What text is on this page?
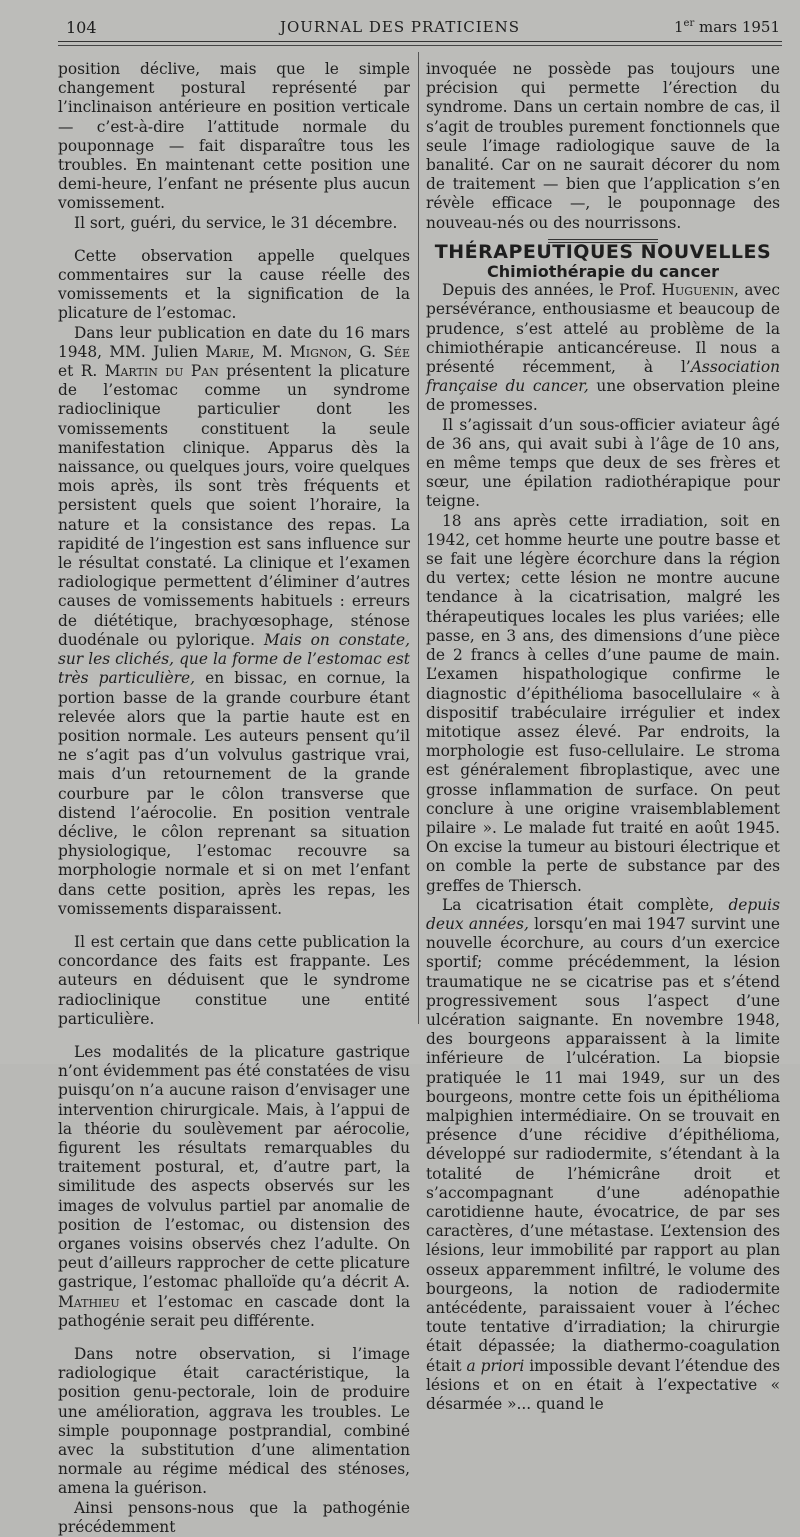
104	JOURNAL DES PRATICIENS	1er mars 1951

position déclive, mais que le simple changement postural représenté par l’inclinaison antérieure en position verticale — c’est-à-dire l’attitude normale du pouponnage — fait disparaître tous les troubles. En maintenant cette position une demi-heure, l’enfant ne présente plus aucun vomissement.

Il sort, guéri, du service, le 31 décembre.

Cette observation appelle quelques commentaires sur la cause réelle des vomissements et la signification de la plicature de l’estomac.

Dans leur publication en date du 16 mars 1948, MM. Julien Marie, M. Mignon, G. Sée et R. Martin du Pan présentent la plicature de l’estomac comme un syndrome radioclinique particulier dont les vomissements constituent la seule manifestation clinique. Apparus dès la naissance, ou quelques jours, voire quelques mois après, ils sont très fréquents et persistent quels que soient l’horaire, la nature et la consistance des repas. La rapidité de l’ingestion est sans influence sur le résultat constaté. La clinique et l’examen radiologique permettent d’éliminer d’autres causes de vomissements habituels : erreurs de diététique, brachyœsophage, sténose duodénale ou pylorique. Mais on constate, sur les clichés, que la forme de l’estomac est très particulière, en bissac, en cornue, la portion basse de la grande courbure étant relevée alors que la partie haute est en position normale. Les auteurs pensent qu’il ne s’agit pas d’un volvulus gastrique vrai, mais d’un retournement de la grande courbure par le côlon transverse que distend l’aérocolie. En position ventrale déclive, le côlon reprenant sa situation physiologique, l’estomac recouvre sa morphologie normale et si on met l’enfant dans cette position, après les repas, les vomissements disparaissent.

Il est certain que dans cette publication la concordance des faits est frappante. Les auteurs en déduisent que le syndrome radioclinique constitue une entité particulière.

Les modalités de la plicature gastrique n’ont évidemment pas été constatées de visu puisqu’on n’a aucune raison d’envisager une intervention chirurgicale. Mais, à l’appui de la théorie du soulèvement par aérocolie, figurent les résultats remarquables du traitement postural, et, d’autre part, la similitude des aspects observés sur les images de volvulus partiel par anomalie de position de l’estomac, ou distension des organes voisins observés chez l’adulte. On peut d’ailleurs rapprocher de cette plicature gastrique, l’estomac phalloïde qu’a décrit A. Mathieu et l’estomac en cascade dont la pathogénie serait peu différente.

Dans notre observation, si l’image radiologique était caractéristique, la position genu-pectorale, loin de produire une amélioration, aggrava les troubles. Le simple pouponnage postprandial, combiné avec la substitution d’une alimentation normale au régime médical des sténoses, amena la guérison.

Ainsi pensons-nous que la pathogénie précédemment

invoquée ne possède pas toujours une précision qui permette l’érection du syndrome. Dans un certain nombre de cas, il s’agit de troubles purement fonctionnels que seule l’image radiologique sauve de la banalité. Car on ne saurait décorer du nom de traitement — bien que l’application s’en révèle efficace —, le pouponnage des nouveau-nés ou des nourrissons.

THÉRAPEUTIQUES NOUVELLES

Chimiothérapie du cancer

Depuis des années, le Prof. Huguenin, avec persévérance, enthousiasme et beaucoup de prudence, s’est attelé au problème de la chimiothérapie anticancéreuse. Il nous a présenté récemment, à l’Association française du cancer, une observation pleine de promesses.

Il s’agissait d’un sous-officier aviateur âgé de 36 ans, qui avait subi à l’âge de 10 ans, en même temps que deux de ses frères et sœur, une épilation radiothérapique pour teigne.

18 ans après cette irradiation, soit en 1942, cet homme heurte une poutre basse et se fait une légère écorchure dans la région du vertex; cette lésion ne montre aucune tendance à la cicatrisation, malgré les thérapeutiques locales les plus variées; elle passe, en 3 ans, des dimensions d’une pièce de 2 francs à celles d’une paume de main. L’examen hispathologique confirme le diagnostic d’épithélioma basocellulaire « à dispositif trabéculaire irrégulier et index mitotique assez élevé. Par endroits, la morphologie est fuso-cellulaire. Le stroma est généralement fibroplastique, avec une grosse inflammation de surface. On peut conclure à une origine vraisemblablement pilaire ». Le malade fut traité en août 1945. On excise la tumeur au bistouri électrique et on comble la perte de substance par des greffes de Thiersch.

La cicatrisation était complète, depuis deux années, lorsqu’en mai 1947 survint une nouvelle écorchure, au cours d’un exercice sportif; comme précédemment, la lésion traumatique ne se cicatrise pas et s’étend progressivement sous l’aspect d’une ulcération saignante. En novembre 1948, des bourgeons apparaissent à la limite inférieure de l’ulcération. La biopsie pratiquée le 11 mai 1949, sur un des bourgeons, montre cette fois un épithélioma malpighien intermédiaire. On se trouvait en présence d’une récidive d’épithélioma, développé sur radiodermite, s’étendant à la totalité de l’hémicrâne droit et s’accompagnant d’une adénopathie carotidienne haute, évocatrice, de par ses caractères, d’une métastase. L’extension des lésions, leur immobilité par rapport au plan osseux apparemment infiltré, le volume des bourgeons, la notion de radiodermite antécédente, paraissaient vouer à l’échec toute tentative d’irradiation; la chirurgie était dépassée; la diathermo-coagulation était a priori impossible devant l’étendue des lésions et on en était à l’expectative « désarmée »... quand le
